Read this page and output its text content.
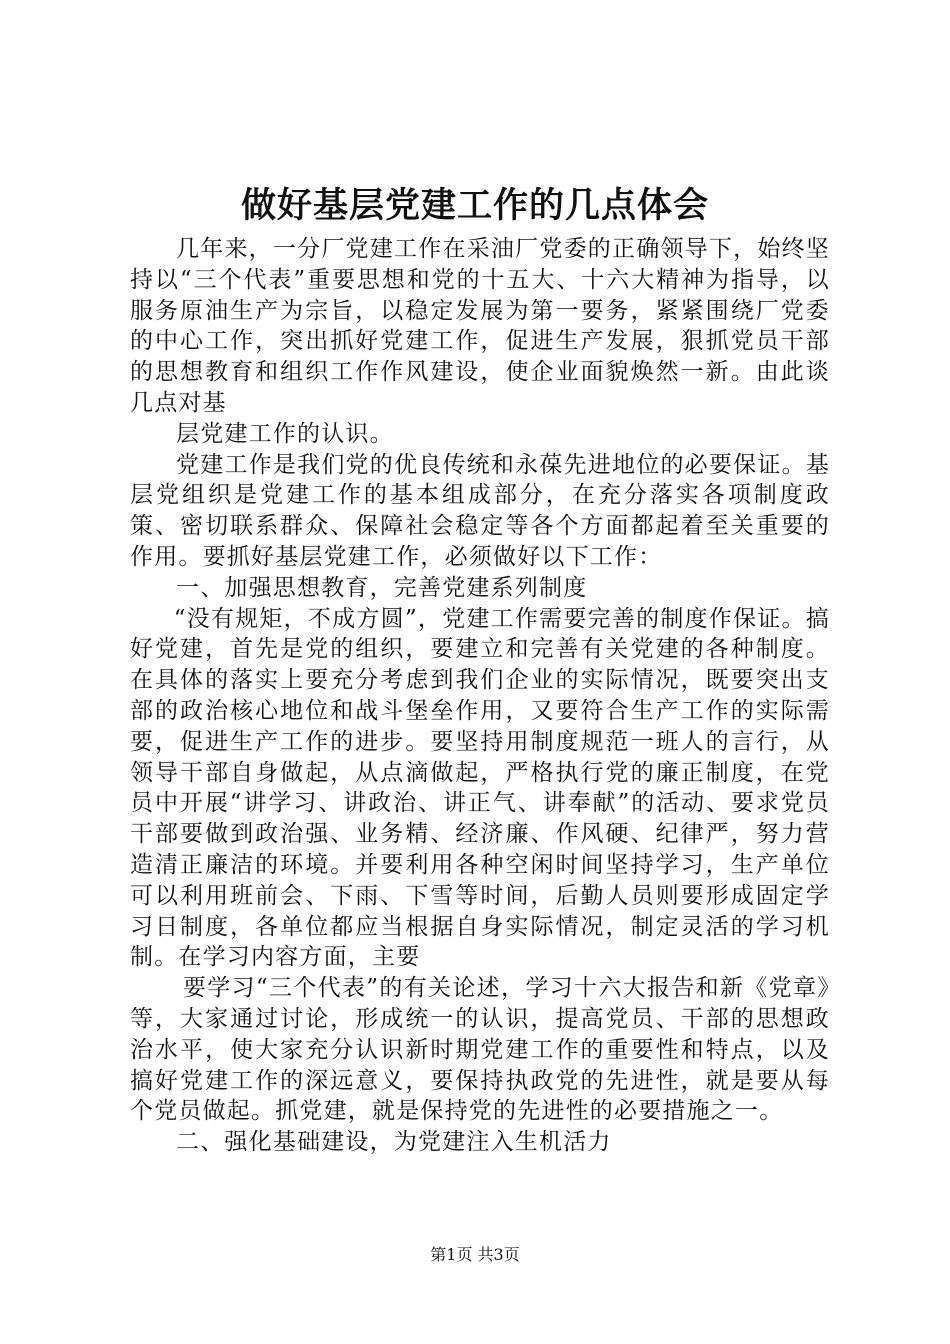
做好基层党建工作的几点体会

几年来，一分厂党建工作在采油厂党委的正确领导下，始终坚持以“三个代表”重要思想和党的十五大、十六大精神为指导，以服务原油生产为宗旨，以稳定发展为第一要务，紧紧围绕厂党委的中心工作，突出抓好党建工作，促进生产发展，狠抓党员干部的思想教育和组织工作作风建设，使企业面貌焕然一新。由此谈几点对基

层党建工作的认识。

党建工作是我们党的优良传统和永葆先进地位的必要保证。基层党组织是党建工作的基本组成部分，在充分落实各项制度政策、密切联系群众、保障社会稳定等各个方面都起着至关重要的作用。要抓好基层党建工作，必须做好以下工作：

一、加强思想教育，完善党建系列制度

“没有规矩，不成方圆”，党建工作需要完善的制度作保证。搞好党建，首先是党的组织，要建立和完善有关党建的各种制度。在具体的落实上要充分考虑到我们企业的实际情况，既要突出支部的政治核心地位和战斗堡垒作用，又要符合生产工作的实际需要，促进生产工作的进步。要坚持用制度规范一班人的言行，从领导干部自身做起，从点滴做起，严格执行党的廉正制度，在党员中开展“讲学习、讲政治、讲正气、讲奉献”的活动、要求党员干部要做到政治强、业务精、经济廉、作风硬、纪律严，努力营造清正廉洁的环境。并要利用各种空闲时间坚持学习，生产单位可以利用班前会、下雨、下雪等时间，后勤人员则要形成固定学习日制度，各单位都应当根据自身实际情况，制定灵活的学习机制。在学习内容方面，主要

要学习“三个代表”的有关论述，学习十六大报告和新《党章》等，大家通过讨论，形成统一的认识，提高党员、干部的思想政治水平，使大家充分认识新时期党建工作的重要性和特点，以及搞好党建工作的深远意义，要保持执政党的先进性，就是要从每个党员做起。抓党建，就是保持党的先进性的必要措施之一。

二、强化基础建设，为党建注入生机活力

第1页 共3页
